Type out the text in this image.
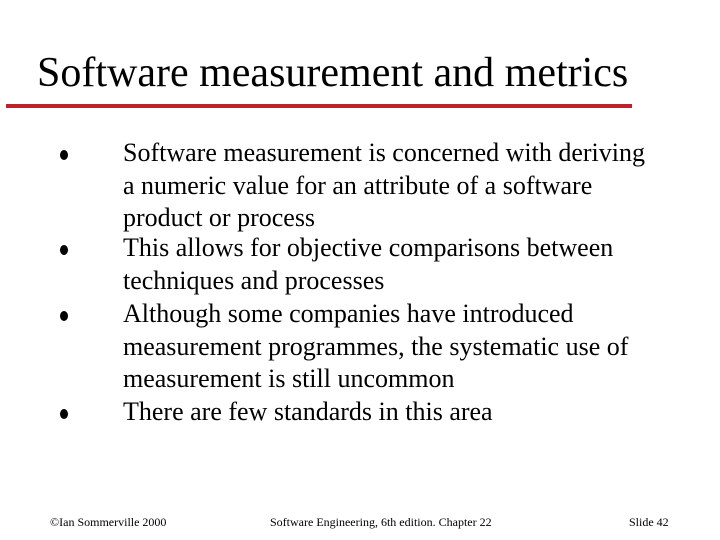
Software measurement and metrics
Software measurement is concerned with deriving
a numeric value for an attribute of a software
product or process
This allows for objective comparisons between
techniques and processes
Although some companies have introduced
measurement programmes, the systematic use of
measurement is still uncommon
There are few standards in this area
©Ian Sommerville 2000	Software Engineering, 6th edition. Chapter 22	Slide 42
